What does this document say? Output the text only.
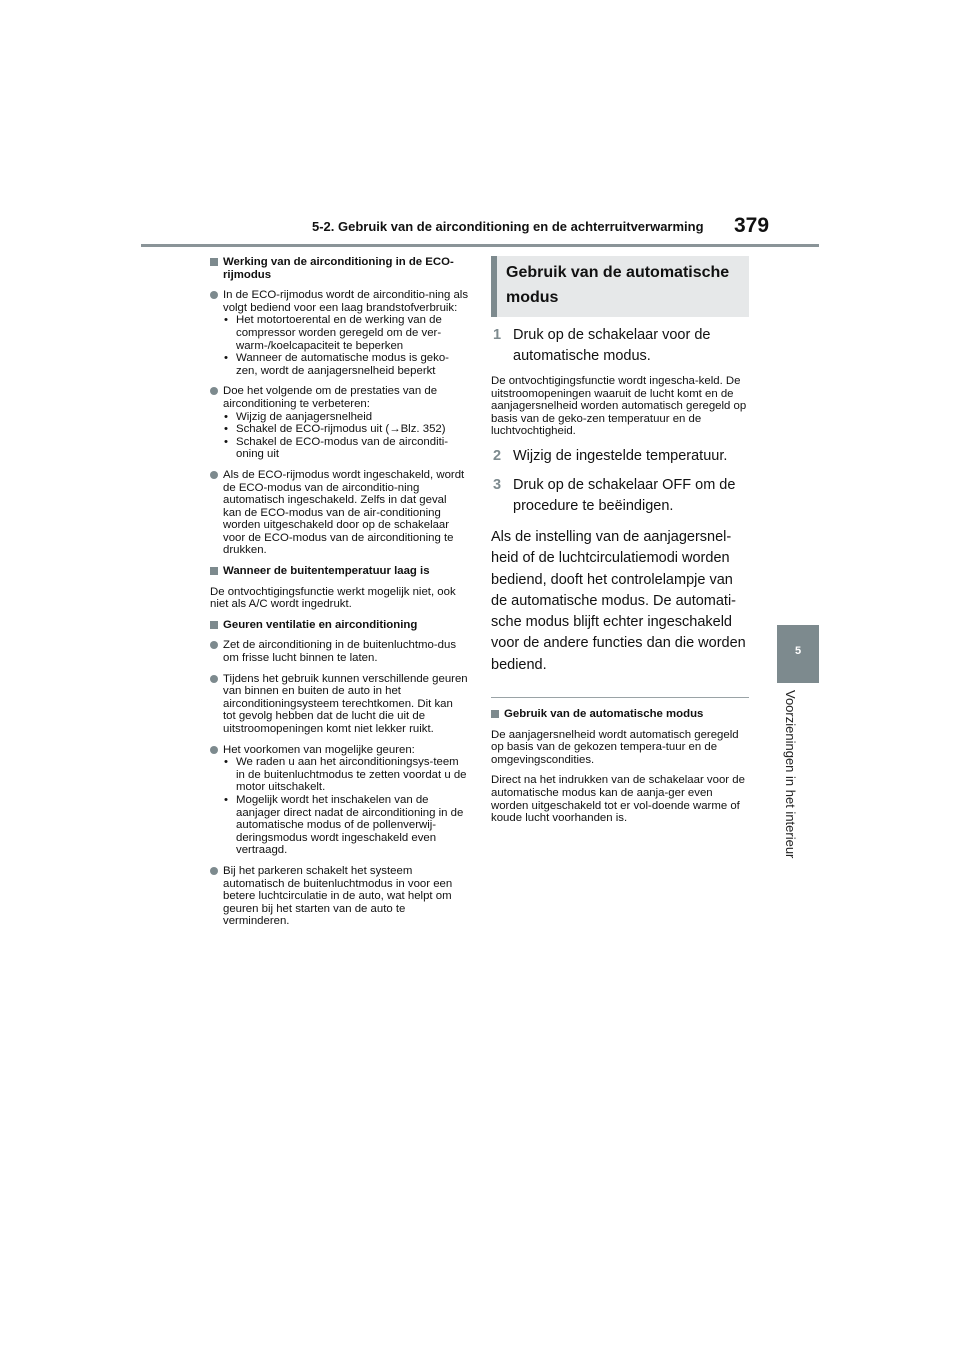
5-2. Gebruik van de airconditioning en de achterruitverwarming 379
5
Voorzieningen in het interieur
Werking van de airconditioning in de ECO-rijmodus
In de ECO-rijmodus wordt de airconditio-ning als volgt bediend voor een laag brandstofverbruik:
• Het motortoerental en de werking van de compressor worden geregeld om de ver-warm-/koelcapaciteit te beperken
• Wanneer de automatische modus is geko-zen, wordt de aanjagersnelheid beperkt
Doe het volgende om de prestaties van de airconditioning te verbeteren:
• Wijzig de aanjagersnelheid
• Schakel de ECO-rijmodus uit (→Blz. 352)
• Schakel de ECO-modus van de airconditi-oning uit
Als de ECO-rijmodus wordt ingeschakeld, wordt de ECO-modus van de airconditio-ning automatisch ingeschakeld. Zelfs in dat geval kan de ECO-modus van de air-conditioning worden uitgeschakeld door op de schakelaar voor de ECO-modus van de airconditioning te drukken.
Wanneer de buitentemperatuur laag is
De ontvochtigingsfunctie werkt mogelijk niet, ook niet als A/C wordt ingedrukt.
Geuren ventilatie en airconditioning
Zet de airconditioning in de buitenluchtmo-dus om frisse lucht binnen te laten.
Tijdens het gebruik kunnen verschillende geuren van binnen en buiten de auto in het airconditioningsysteem terechtkomen. Dit kan tot gevolg hebben dat de lucht die uit de uitstroomopeningen komt niet lekker ruikt.
Het voorkomen van mogelijke geuren:
• We raden u aan het airconditioningsys-teem in de buitenluchtmodus te zetten voordat u de motor uitschakelt.
• Mogelijk wordt het inschakelen van de aanjager direct nadat de airconditioning in de automatische modus of de pollenverwij-deringsmodus wordt ingeschakeld even vertraagd.
Bij het parkeren schakelt het systeem automatisch de buitenluchtmodus in voor een betere luchtcirculatie in de auto, wat helpt om geuren bij het starten van de auto te verminderen.
Gebruik van de automatische modus
1 Druk op de schakelaar voor de automatische modus.
De ontvochtigingsfunctie wordt ingescha-keld. De uitstroomopeningen waaruit de lucht komt en de aanjagersnelheid worden automatisch geregeld op basis van de geko-zen temperatuur en de luchtvochtigheid.
2 Wijzig de ingestelde temperatuur.
3 Druk op de schakelaar OFF om de procedure te beëindigen.
Als de instelling van de aanjagersnel-heid of de luchtcirculatiemodi worden bediend, dooft het controlelampje van de automatische modus. De automati-sche modus blijft echter ingeschakeld voor de andere functies dan die worden bediend.
Gebruik van de automatische modus
De aanjagersnelheid wordt automatisch geregeld op basis van de gekozen tempera-tuur en de omgevingscondities.
Direct na het indrukken van de schakelaar voor de automatische modus kan de aanja-ger even worden uitgeschakeld tot er vol-doende warme of koude lucht voorhanden is.
